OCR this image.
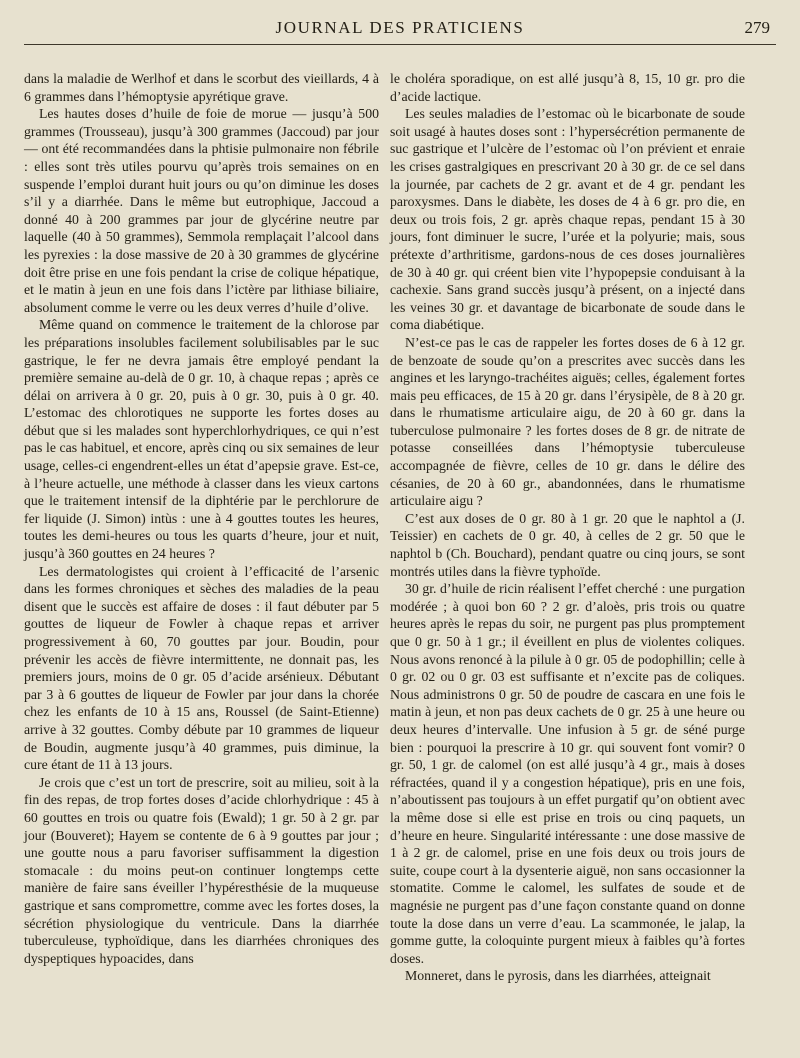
JOURNAL DES PRATICIENS	279

dans la maladie de Werlhof et dans le scorbut des vieillards, 4 à 6 grammes dans l’hémoptysie apyrétique grave.

Les hautes doses d’huile de foie de morue — jusqu’à 500 grammes (Trousseau), jusqu’à 300 grammes (Jaccoud) par jour — ont été recommandées dans la phtisie pulmonaire non fébrile : elles sont très utiles pourvu qu’après trois semaines on en suspende l’emploi durant huit jours ou qu’on diminue les doses s’il y a diarrhée. Dans le même but eutrophique, Jaccoud a donné 40 à 200 grammes par jour de glycérine neutre par laquelle (40 à 50 grammes), Semmola remplaçait l’alcool dans les pyrexies : la dose massive de 20 à 30 grammes de glycérine doit être prise en une fois pendant la crise de colique hépatique, et le matin à jeun en une fois dans l’ictère par lithiase biliaire, absolument comme le verre ou les deux verres d’huile d’olive.

Même quand on commence le traitement de la chlorose par les préparations insolubles facilement solubilisables par le suc gastrique, le fer ne devra jamais être employé pendant la première semaine au-delà de 0 gr. 10, à chaque repas ; après ce délai on arrivera à 0 gr. 20, puis à 0 gr. 30, puis à 0 gr. 40. L’estomac des chlorotiques ne supporte les fortes doses au début que si les malades sont hyperchlorhydriques, ce qui n’est pas le cas habituel, et encore, après cinq ou six semaines de leur usage, celles-ci engendrent-elles un état d’apepsie grave. Est-ce, à l’heure actuelle, une méthode à classer dans les vieux cartons que le traitement intensif de la diphtérie par le perchlorure de fer liquide (J. Simon) intùs : une à 4 gouttes toutes les heures, toutes les demi-heures ou tous les quarts d’heure, jour et nuit, jusqu’à 360 gouttes en 24 heures ?

Les dermatologistes qui croient à l’efficacité de l’arsenic dans les formes chroniques et sèches des maladies de la peau disent que le succès est affaire de doses : il faut débuter par 5 gouttes de liqueur de Fowler à chaque repas et arriver progressivement à 60, 70 gouttes par jour. Boudin, pour prévenir les accès de fièvre intermittente, ne donnait pas, les premiers jours, moins de 0 gr. 05 d’acide arsénieux. Débutant par 3 à 6 gouttes de liqueur de Fowler par jour dans la chorée chez les enfants de 10 à 15 ans, Roussel (de Saint-Etienne) arrive à 32 gouttes. Comby débute par 10 grammes de liqueur de Boudin, augmente jusqu’à 40 grammes, puis diminue, la cure étant de 11 à 13 jours.

Je crois que c’est un tort de prescrire, soit au milieu, soit à la fin des repas, de trop fortes doses d’acide chlorhydrique : 45 à 60 gouttes en trois ou quatre fois (Ewald); 1 gr. 50 à 2 gr. par jour (Bouveret); Hayem se contente de 6 à 9 gouttes par jour ; une goutte nous a paru favoriser suffisamment la digestion stomacale : du moins peut-on continuer longtemps cette manière de faire sans éveiller l’hypéresthésie de la muqueuse gastrique et sans compromettre, comme avec les fortes doses, la sécrétion physiologique du ventricule. Dans la diarrhée tuberculeuse, typhoïdique, dans les diarrhées chroniques des dyspeptiques hypoacides, dans

le choléra sporadique, on est allé jusqu’à 8, 15, 10 gr. pro die d’acide lactique.

Les seules maladies de l’estomac où le bicarbonate de soude soit usagé à hautes doses sont : l’hypersécrétion permanente de suc gastrique et l’ulcère de l’estomac où l’on prévient et enraie les crises gastralgiques en prescrivant 20 à 30 gr. de ce sel dans la journée, par cachets de 2 gr. avant et de 4 gr. pendant les paroxysmes. Dans le diabète, les doses de 4 à 6 gr. pro die, en deux ou trois fois, 2 gr. après chaque repas, pendant 15 à 30 jours, font diminuer le sucre, l’urée et la polyurie; mais, sous prétexte d’arthritisme, gardons-nous de ces doses journalières de 30 à 40 gr. qui créent bien vite l’hypopepsie conduisant à la cachexie. Sans grand succès jusqu’à présent, on a injecté dans les veines 30 gr. et davantage de bicarbonate de soude dans le coma diabétique.

N’est-ce pas le cas de rappeler les fortes doses de 6 à 12 gr. de benzoate de soude qu’on a prescrites avec succès dans les angines et les laryngo-trachéites aiguës; celles, également fortes mais peu efficaces, de 15 à 20 gr. dans l’érysipèle, de 8 à 20 gr. dans le rhumatisme articulaire aigu, de 20 à 60 gr. dans la tuberculose pulmonaire ? les fortes doses de 8 gr. de nitrate de potasse conseillées dans l’hémoptysie tuberculeuse accompagnée de fièvre, celles de 10 gr. dans le délire des césanies, de 20 à 60 gr., abandonnées, dans le rhumatisme articulaire aigu ?

C’est aux doses de 0 gr. 80 à 1 gr. 20 que le naphtol a (J. Teissier) en cachets de 0 gr. 40, à celles de 2 gr. 50 que le naphtol b (Ch. Bouchard), pendant quatre ou cinq jours, se sont montrés utiles dans la fièvre typhoïde.

30 gr. d’huile de ricin réalisent l’effet cherché : une purgation modérée ; à quoi bon 60 ? 2 gr. d’aloès, pris trois ou quatre heures après le repas du soir, ne purgent pas plus promptement que 0 gr. 50 à 1 gr.; il éveillent en plus de violentes coliques. Nous avons renoncé à la pilule à 0 gr. 05 de podophillin; celle à 0 gr. 02 ou 0 gr. 03 est suffisante et n’excite pas de coliques. Nous administrons 0 gr. 50 de poudre de cascara en une fois le matin à jeun, et non pas deux cachets de 0 gr. 25 à une heure ou deux heures d’intervalle. Une infusion à 5 gr. de séné purge bien : pourquoi la prescrire à 10 gr. qui souvent font vomir? 0 gr. 50, 1 gr. de calomel (on est allé jusqu’à 4 gr., mais à doses réfractées, quand il y a congestion hépatique), pris en une fois, n’aboutissent pas toujours à un effet purgatif qu’on obtient avec la même dose si elle est prise en trois ou cinq paquets, un d’heure en heure. Singularité intéressante : une dose massive de 1 à 2 gr. de calomel, prise en une fois deux ou trois jours de suite, coupe court à la dysenterie aiguë, non sans occasionner la stomatite. Comme le calomel, les sulfates de soude et de magnésie ne purgent pas d’une façon constante quand on donne toute la dose dans un verre d’eau. La scammonée, le jalap, la gomme gutte, la coloquinte purgent mieux à faibles qu’à fortes doses.

Monneret, dans le pyrosis, dans les diarrhées, atteignait
